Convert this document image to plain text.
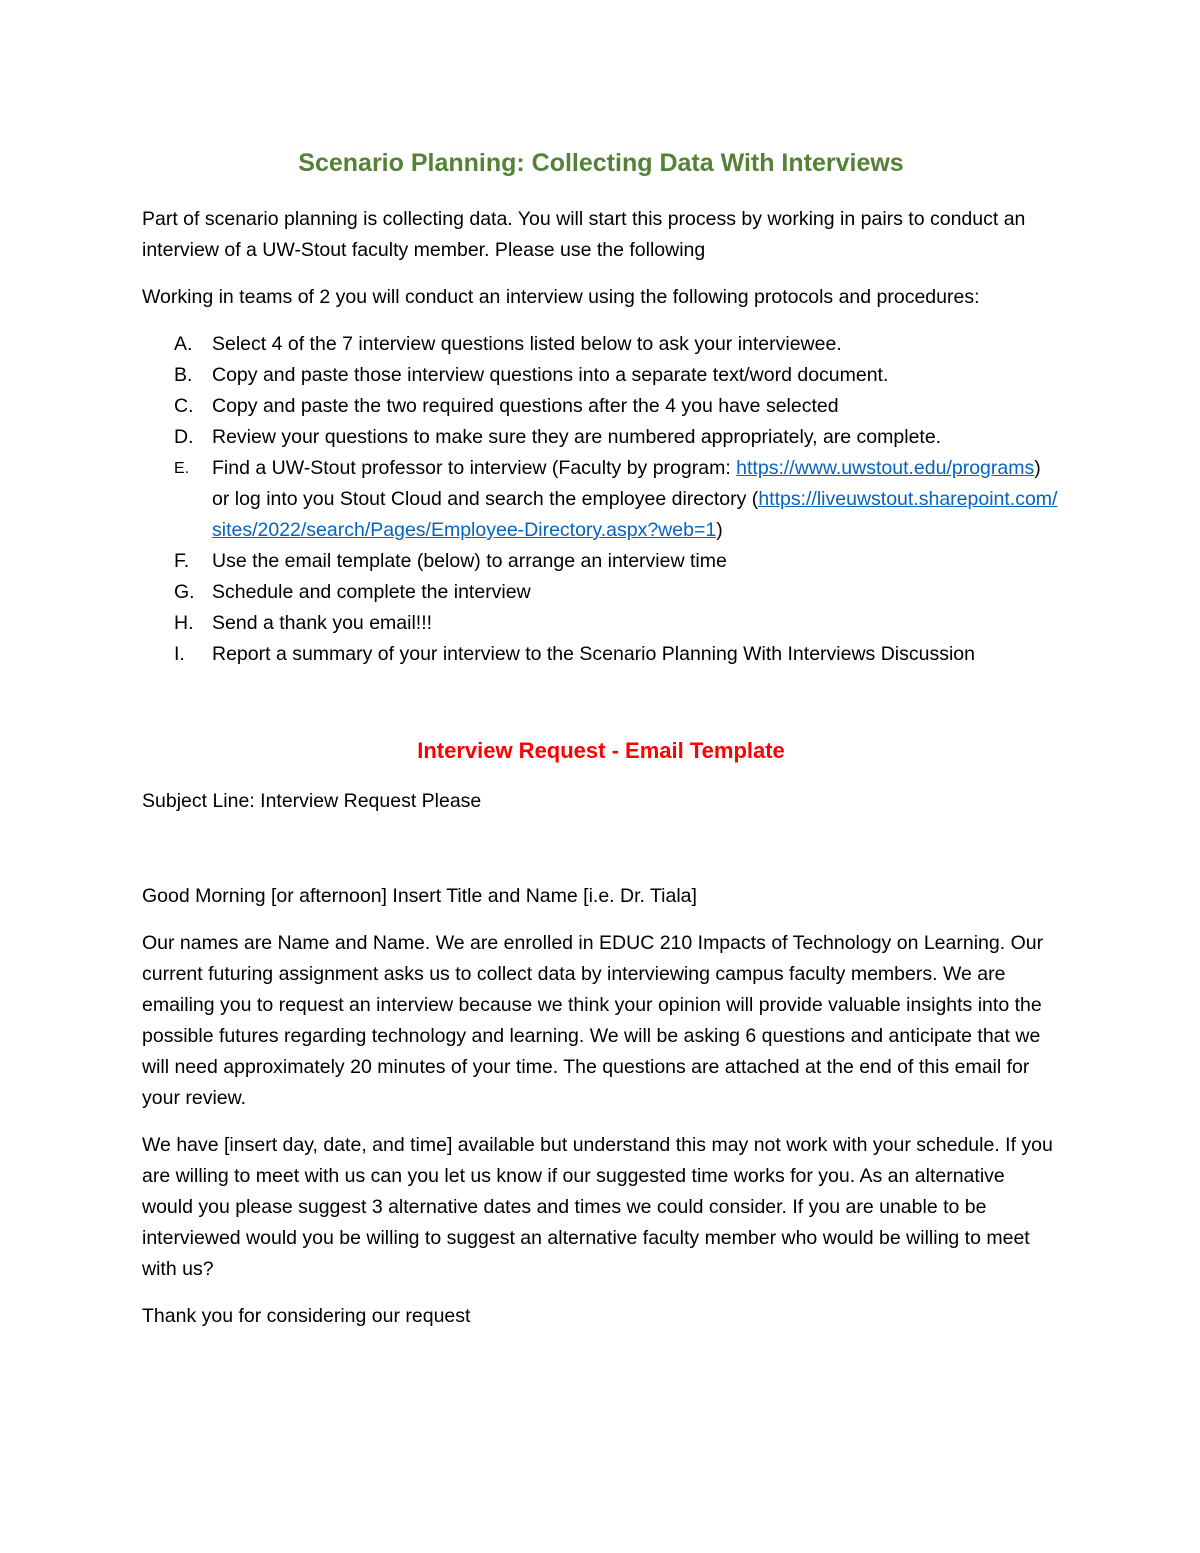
Scenario Planning: Collecting Data With Interviews

Part of scenario planning is collecting data. You will start this process by working in pairs to conduct an interview of a UW-Stout faculty member. Please use the following

Working in teams of 2 you will conduct an interview using the following protocols and procedures:

A. Select 4 of the 7 interview questions listed below to ask your interviewee.
B. Copy and paste those interview questions into a separate text/word document.
C. Copy and paste the two required questions after the 4 you have selected
D. Review your questions to make sure they are numbered appropriately, are complete.
E. Find a UW-Stout professor to interview (Faculty by program: https://www.uwstout.edu/programs) or log into you Stout Cloud and search the employee directory (https://liveuwstout.sharepoint.com/sites/2022/search/Pages/Employee-Directory.aspx?web=1)
F. Use the email template (below) to arrange an interview time
G. Schedule and complete the interview
H. Send a thank you email!!!
I. Report a summary of your interview to the Scenario Planning With Interviews Discussion
Interview Request - Email Template

Subject Line: Interview Request Please

Good Morning [or afternoon] Insert Title and Name [i.e. Dr. Tiala]

Our names are Name and Name. We are enrolled in EDUC 210 Impacts of Technology on Learning. Our current futuring assignment asks us to collect data by interviewing campus faculty members. We are emailing you to request an interview because we think your opinion will provide valuable insights into the possible futures regarding technology and learning. We will be asking 6 questions and anticipate that we will need approximately 20 minutes of your time. The questions are attached at the end of this email for your review.

We have [insert day, date, and time] available but understand this may not work with your schedule. If you are willing to meet with us can you let us know if our suggested time works for you. As an alternative would you please suggest 3 alternative dates and times we could consider. If you are unable to be interviewed would you be willing to suggest an alternative faculty member who would be willing to meet with us?

Thank you for considering our request
